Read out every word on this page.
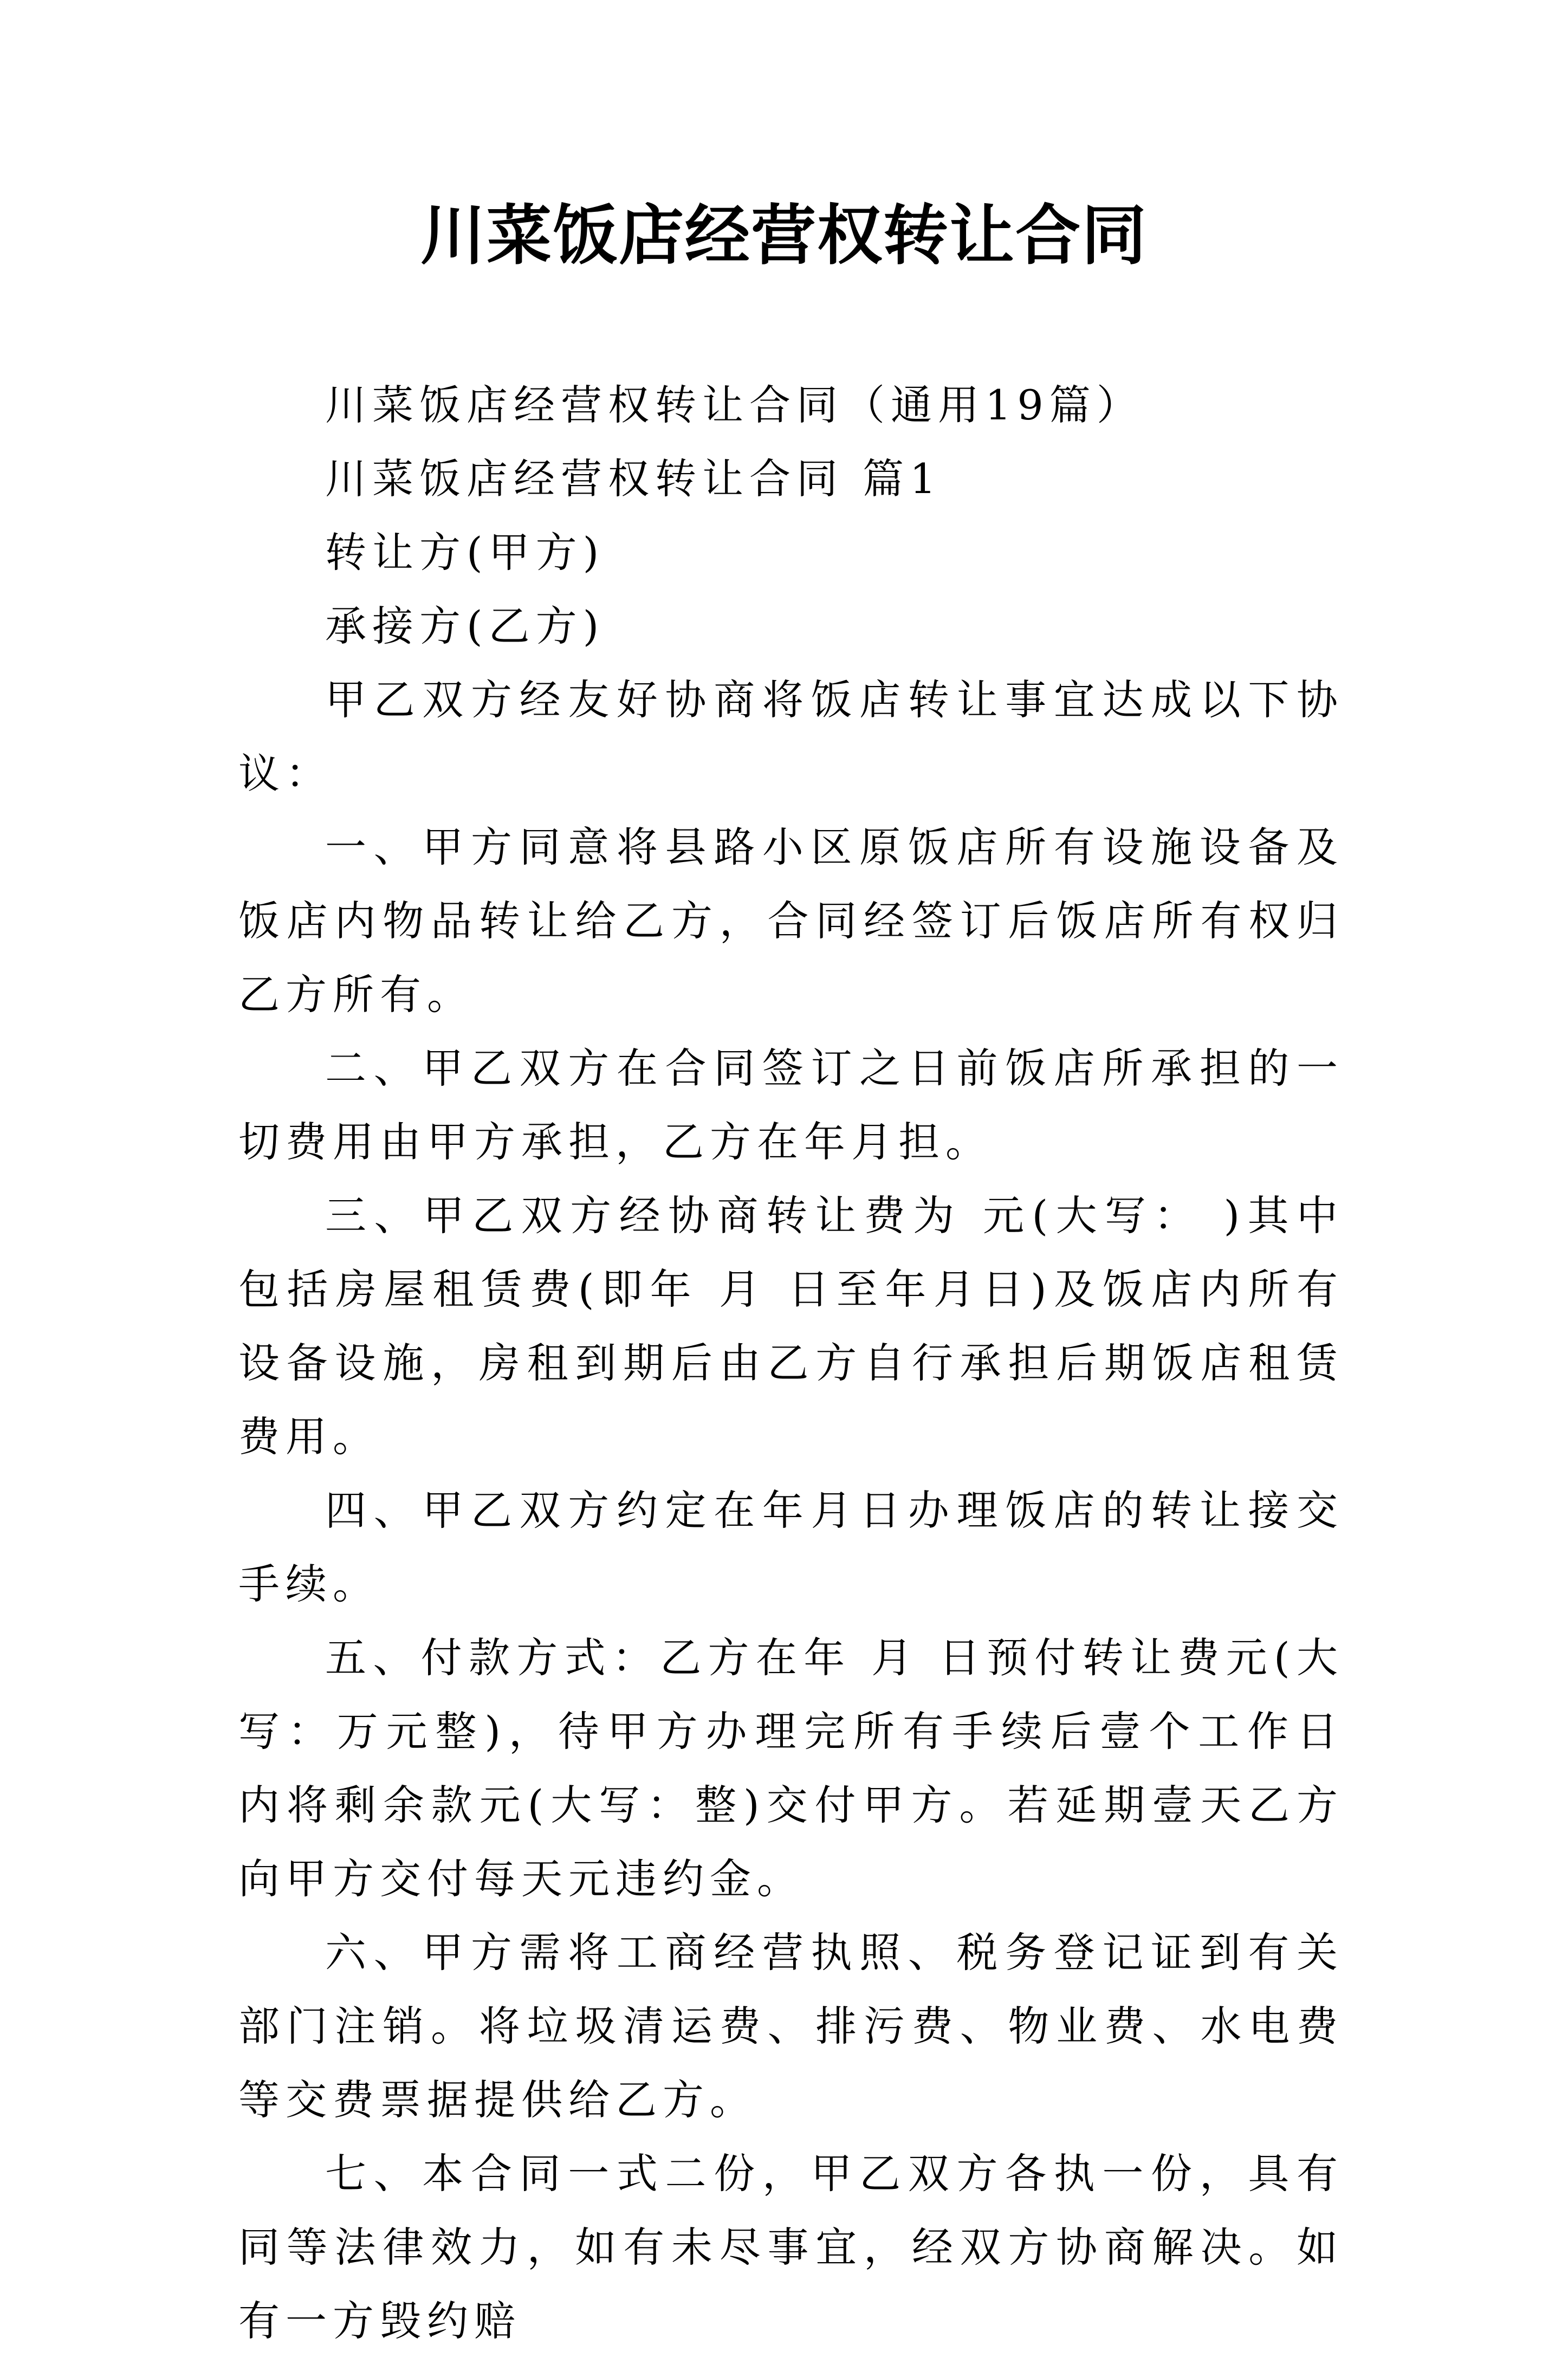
川菜饭店经营权转让合同

川菜饭店经营权转让合同（通用19篇）

川菜饭店经营权转让合同 篇1

转让方(甲方)

承接方(乙方)

甲乙双方经友好协商将饭店转让事宜达成以下协议：

一、甲方同意将县路小区原饭店所有设施设备及饭店内物品转让给乙方，合同经签订后饭店所有权归乙方所有。

二、甲乙双方在合同签订之日前饭店所承担的一切费用由甲方承担，乙方在年月担。

三、甲乙双方经协商转让费为 元(大写： )其中包括房屋租赁费(即年 月 日至年月日)及饭店内所有设备设施，房租到期后由乙方自行承担后期饭店租赁费用。

四、甲乙双方约定在年月日办理饭店的转让接交手续。

五、付款方式：乙方在年 月 日预付转让费元(大写：万元整)，待甲方办理完所有手续后壹个工作日内将剩余款元(大写：整)交付甲方。若延期壹天乙方向甲方交付每天元违约金。

六、甲方需将工商经营执照、税务登记证到有关部门注销。将垃圾清运费、排污费、物业费、水电费等交费票据提供给乙方。

七、本合同一式二份，甲乙双方各执一份，具有同等法律效力，如有未尽事宜，经双方协商解决。如有一方毁约赔
